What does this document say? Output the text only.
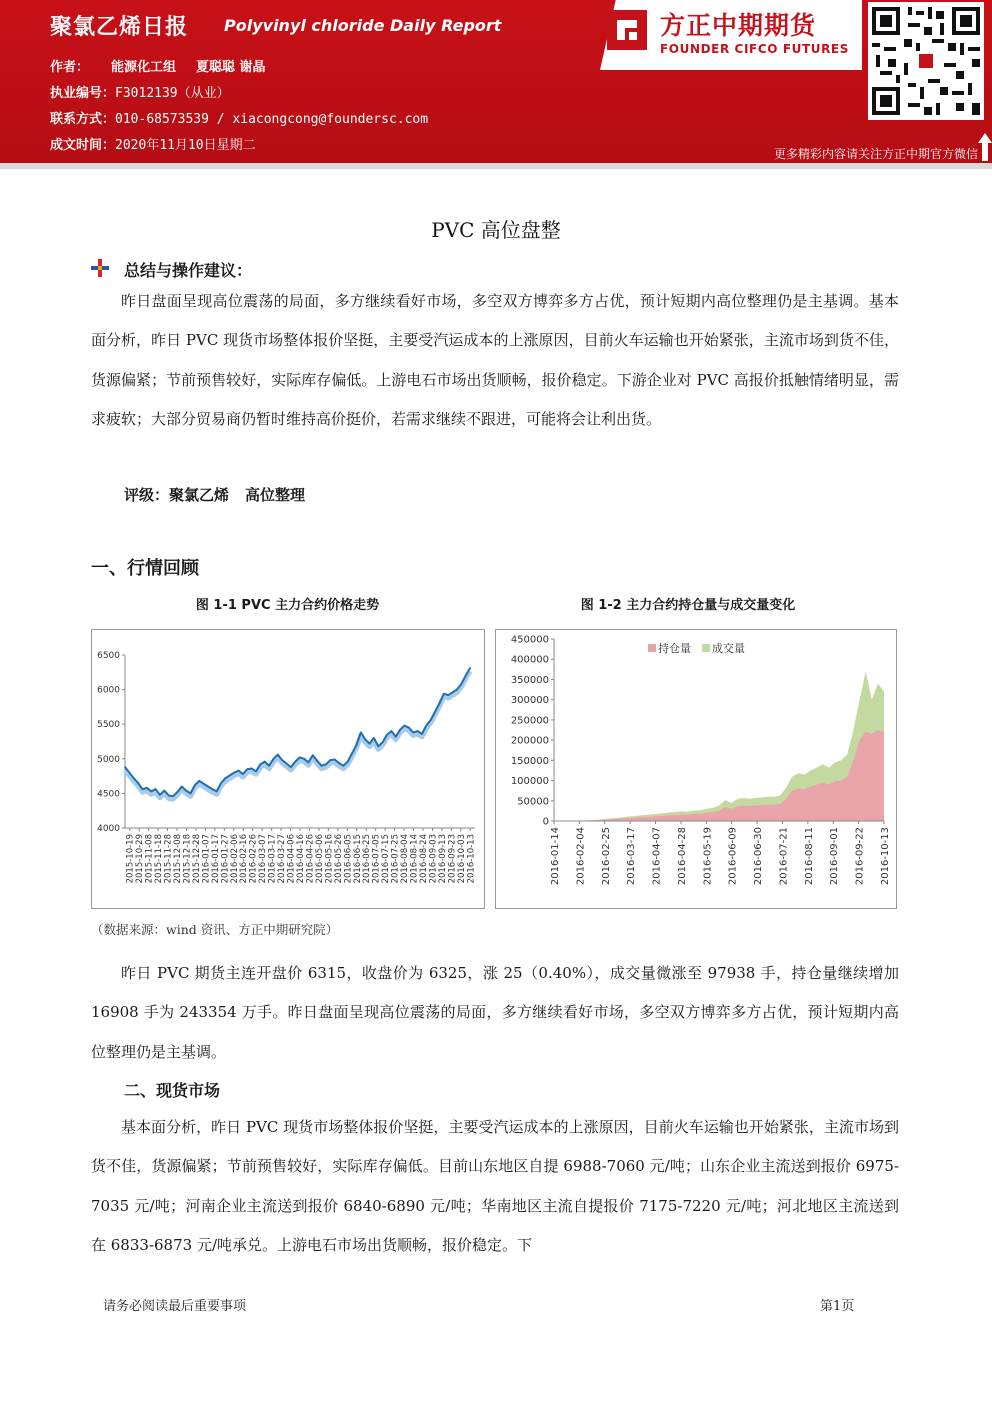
聚氯乙烯日报 Polyvinyl chloride Daily Report
作者： 能源化工组 夏聪聪 谢晶
执业编号：F3012139（从业）
联系方式：010-68573539 / xiacongcong@foundersc.com
成文时间：2020年11月10日星期二
方正中期期货
FOUNDER CIFCO FUTURES
更多精彩内容请关注方正中期官方微信
PVC 高位盘整
总结与操作建议：

昨日盘面呈现高位震荡的局面，多方继续看好市场，多空双方博弈多方占优，预计短期内高位整理仍是主基调。基本面分析，昨日 PVC 现货市场整体报价坚挺，主要受汽运成本的上涨原因，目前火车运输也开始紧张，主流市场到货不佳，货源偏紧；节前预售较好，实际库存偏低。上游电石市场出货顺畅，报价稳定。下游企业对 PVC 高报价抵触情绪明显，需求疲软；大部分贸易商仍暂时维持高价挺价，若需求继续不跟进，可能将会让利出货。

评级：聚氯乙烯 高位整理
一、行情回顾
图 1-1 PVC 主力合约价格走势	图 1-2 主力合约持仓量与成交量变化
4000
4500
5000
5500
6000
6500
2015-10-19 2015-10-29 2015-11-08 2015-11-18 2015-11-28 2015-12-08 2015-12-18 2015-12-28 2016-01-07 2016-01-17 2016-01-27 2016-02-06 2016-02-16 2016-02-26 2016-03-07 2016-03-17 2016-03-27 2016-04-06 2016-04-16 2016-04-26 2016-05-06 2016-05-16 2016-05-26 2016-06-05 2016-06-15 2016-06-25 2016-07-05 2016-07-15 2016-07-25 2016-08-04 2016-08-14 2016-08-24 2016-09-03 2016-09-13 2016-09-23 2016-10-03 2016-10-13
0
50000
100000
150000
200000
250000
300000
350000
400000
450000
2016-01-14 2016-02-04 2016-02-25 2016-03-17 2016-04-07 2016-04-28 2016-05-19 2016-06-09 2016-06-30 2016-07-21 2016-08-11 2016-09-01 2016-09-22 2016-10-13
持仓量 成交量
（数据来源：wind 资讯、方正中期研究院）

昨日 PVC 期货主连开盘价 6315，收盘价为 6325，涨 25（0.40%），成交量微涨至 97938 手，持仓量继续增加 16908 手为 243354 万手。昨日盘面呈现高位震荡的局面，多方继续看好市场，多空双方博弈多方占优，预计短期内高位整理仍是主基调。

二、现货市场

基本面分析，昨日 PVC 现货市场整体报价坚挺，主要受汽运成本的上涨原因，目前火车运输也开始紧张，主流市场到货不佳，货源偏紧；节前预售较好，实际库存偏低。目前山东地区自提 6988-7060 元/吨；山东企业主流送到报价 6975-7035 元/吨；河南企业主流送到报价 6840-6890 元/吨；华南地区主流自提报价 7175-7220 元/吨；河北地区主流送到在 6833-6873 元/吨承兑。上游电石市场出货顺畅，报价稳定。下

请务必阅读最后重要事项	第1页
